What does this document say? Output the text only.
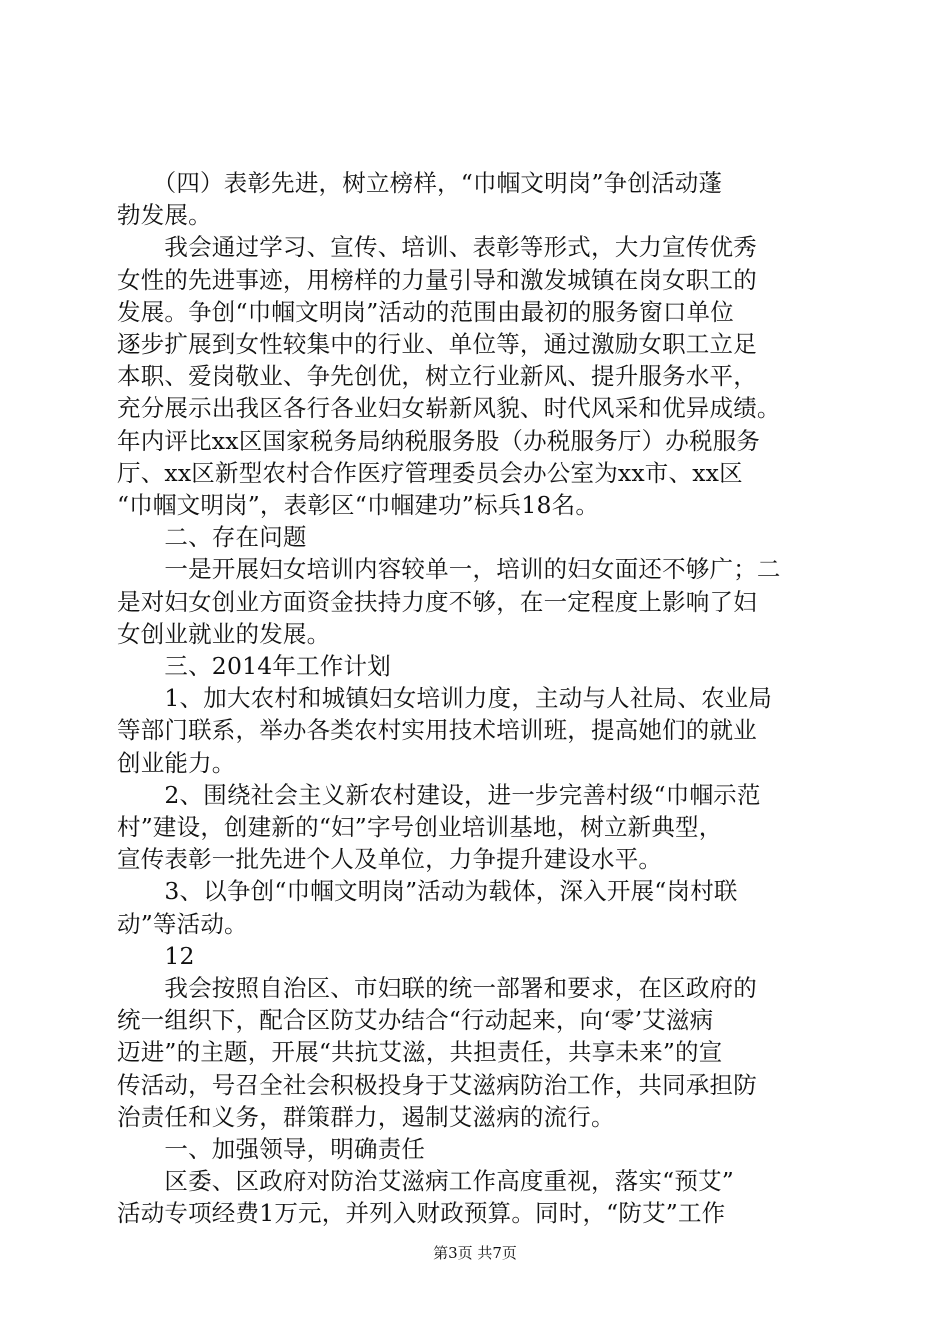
　　（四）表彰先进，树立榜样，“巾帼文明岗”争创活动蓬
勃发展。
　　我会通过学习、宣传、培训、表彰等形式，大力宣传优秀
女性的先进事迹，用榜样的力量引导和激发城镇在岗女职工的
发展。争创“巾帼文明岗”活动的范围由最初的服务窗口单位
逐步扩展到女性较集中的行业、单位等，通过激励女职工立足
本职、爱岗敬业、争先创优，树立行业新风、提升服务水平，
充分展示出我区各行各业妇女崭新风貌、时代风采和优异成绩。
年内评比xx区国家税务局纳税服务股（办税服务厅）办税服务
厅、xx区新型农村合作医疗管理委员会办公室为xx市、xx区
“巾帼文明岗”，表彰区“巾帼建功”标兵18名。
　　二、存在问题
　　一是开展妇女培训内容较单一，培训的妇女面还不够广；二
是对妇女创业方面资金扶持力度不够，在一定程度上影响了妇
女创业就业的发展。
　　三、2014年工作计划
　　1、加大农村和城镇妇女培训力度，主动与人社局、农业局
等部门联系，举办各类农村实用技术培训班，提高她们的就业
创业能力。
　　2、围绕社会主义新农村建设，进一步完善村级“巾帼示范
村”建设，创建新的“妇”字号创业培训基地，树立新典型，
宣传表彰一批先进个人及单位，力争提升建设水平。
　　3、以争创“巾帼文明岗”活动为载体，深入开展“岗村联
动”等活动。
　　12
　　我会按照自治区、市妇联的统一部署和要求，在区政府的
统一组织下，配合区防艾办结合“行动起来，向‘零’艾滋病
迈进”的主题，开展“共抗艾滋，共担责任，共享未来”的宣
传活动，号召全社会积极投身于艾滋病防治工作，共同承担防
治责任和义务，群策群力，遏制艾滋病的流行。
　　一、加强领导，明确责任
　　区委、区政府对防治艾滋病工作高度重视，落实“预艾”
活动专项经费1万元，并列入财政预算。同时，“防艾”工作
第3页 共7页
